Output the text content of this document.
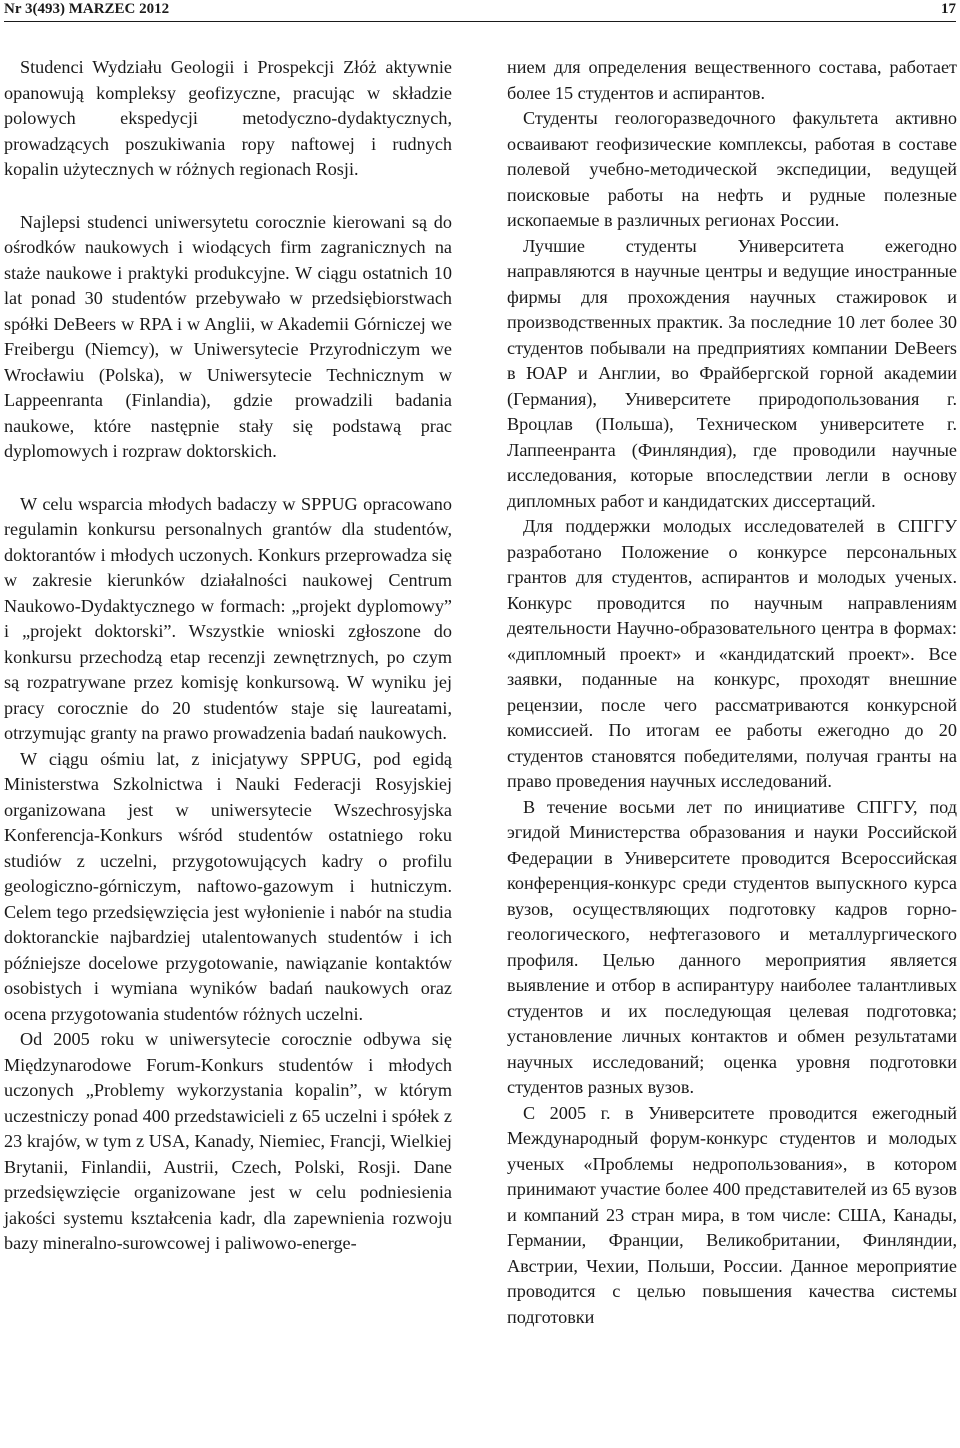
Nr 3(493) MARZEC 2012	17

Studenci Wydziału Geologii i Prospekcji Złóż aktywnie opanowują kompleksy geofizyczne, pracując w składzie polowych ekspedycji metodyczno-dydaktycznych, prowadzących poszukiwania ropy naftowej i rudnych kopalin użytecznych w różnych regionach Rosji.

Najlepsi studenci uniwersytetu corocznie kierowani są do ośrodków naukowych i wiodących firm zagranicznych na staże naukowe i praktyki produkcyjne. W ciągu ostatnich 10 lat ponad 30 studentów przebywało w przedsiębiorstwach spółki DeBeers w RPA i w Anglii, w Akademii Górniczej we Freibergu (Niemcy), w Uniwersytecie Przyrodniczym we Wrocławiu (Polska), w Uniwersytecie Technicznym w Lappeenranta (Finlandia), gdzie prowadzili badania naukowe, które następnie stały się podstawą prac dyplomowych i rozpraw doktorskich.

W celu wsparcia młodych badaczy w SPPUG opracowano regulamin konkursu personalnych grantów dla studentów, doktorantów i młodych uczonych. Konkurs przeprowadza się w zakresie kierunków działalności naukowej Centrum Naukowo-Dydaktycznego w formach: „projekt dyplomowy” i „projekt doktorski”. Wszystkie wnioski zgłoszone do konkursu przechodzą etap recenzji zewnętrznych, po czym są rozpatrywane przez komisję konkursową. W wyniku jej pracy corocznie do 20 studentów staje się laureatami, otrzymując granty na prawo prowadzenia badań naukowych.

W ciągu ośmiu lat, z inicjatywy SPPUG, pod egidą Ministerstwa Szkolnictwa i Nauki Federacji Rosyjskiej organizowana jest w uniwersytecie Wszechrosyjska Konferencja-Konkurs wśród studentów ostatniego roku studiów z uczelni, przygotowujących kadry o profilu geologiczno-górniczym, naftowo-gazowym i hutniczym. Celem tego przedsięwzięcia jest wyłonienie i nabór na studia doktoranckie najbardziej utalentowanych studentów i ich późniejsze docelowe przygotowanie, nawiązanie kontaktów osobistych i wymiana wyników badań naukowych oraz ocena przygotowania studentów różnych uczelni.

Od 2005 roku w uniwersytecie corocznie odbywa się Międzynarodowe Forum-Konkurs studentów i młodych uczonych „Problemy wykorzystania kopalin”, w którym uczestniczy ponad 400 przedstawicieli z 65 uczelni i spółek z 23 krajów, w tym z USA, Kanady, Niemiec, Francji, Wielkiej Brytanii, Finlandii, Austrii, Czech, Polski, Rosji. Dane przedsięwzięcie organizowane jest w celu podniesienia jakości systemu kształcenia kadr, dla zapewnienia rozwoju bazy mineralno-surowcowej i paliwowo-energe-

нием для определения вещественного состава, работает более 15 студентов и аспирантов.

Студенты геологоразведочного факультета активно осваивают геофизические комплексы, работая в составе полевой учебно-методической экспедиции, ведущей поисковые работы на нефть и рудные полезные ископаемые в различных регионах России.

Лучшие студенты Университета ежегодно направляются в научные центры и ведущие иностранные фирмы для прохождения научных стажировок и производственных практик. За последние 10 лет более 30 студентов побывали на предприятиях компании DeBeers в ЮАР и Англии, во Фрайбергской горной академии (Германия), Университете природопользования г. Вроцлав (Польша), Техническом университете г. Лаппеенранта (Финляндия), где проводили научные исследования, которые впоследствии легли в основу дипломных работ и кандидатских диссертаций.

Для поддержки молодых исследователей в СПГГУ разработано Положение о конкурсе персональных грантов для студентов, аспирантов и молодых ученых. Конкурс проводится по научным направлениям деятельности Научно-образовательного центра в формах: «дипломный проект» и «кандидатский проект». Все заявки, поданные на конкурс, проходят внешние рецензии, после чего рассматриваются конкурсной комиссией. По итогам ее работы ежегодно до 20 студентов становятся победителями, получая гранты на право проведения научных исследований.

В течение восьми лет по инициативе СПГГУ, под эгидой Министерства образования и науки Российской Федерации в Университете проводится Всероссийская конференция-конкурс среди студентов выпускного курса вузов, осуществляющих подготовку кадров горно-геологического, нефтегазового и металлургического профиля. Целью данного мероприятия является выявление и отбор в аспирантуру наиболее талантливых студентов и их последующая целевая подготовка; установление личных контактов и обмен результатами научных исследований; оценка уровня подготовки студентов разных вузов.

С 2005 г. в Университете проводится ежегодный Международный форум-конкурс студентов и молодых ученых «Проблемы недропользования», в котором принимают участие более 400 представителей из 65 вузов и компаний 23 стран мира, в том числе: США, Канады, Германии, Франции, Великобритании, Финляндии, Австрии, Чехии, Польши, России. Данное мероприятие проводится с целью повышения качества системы подготовки
